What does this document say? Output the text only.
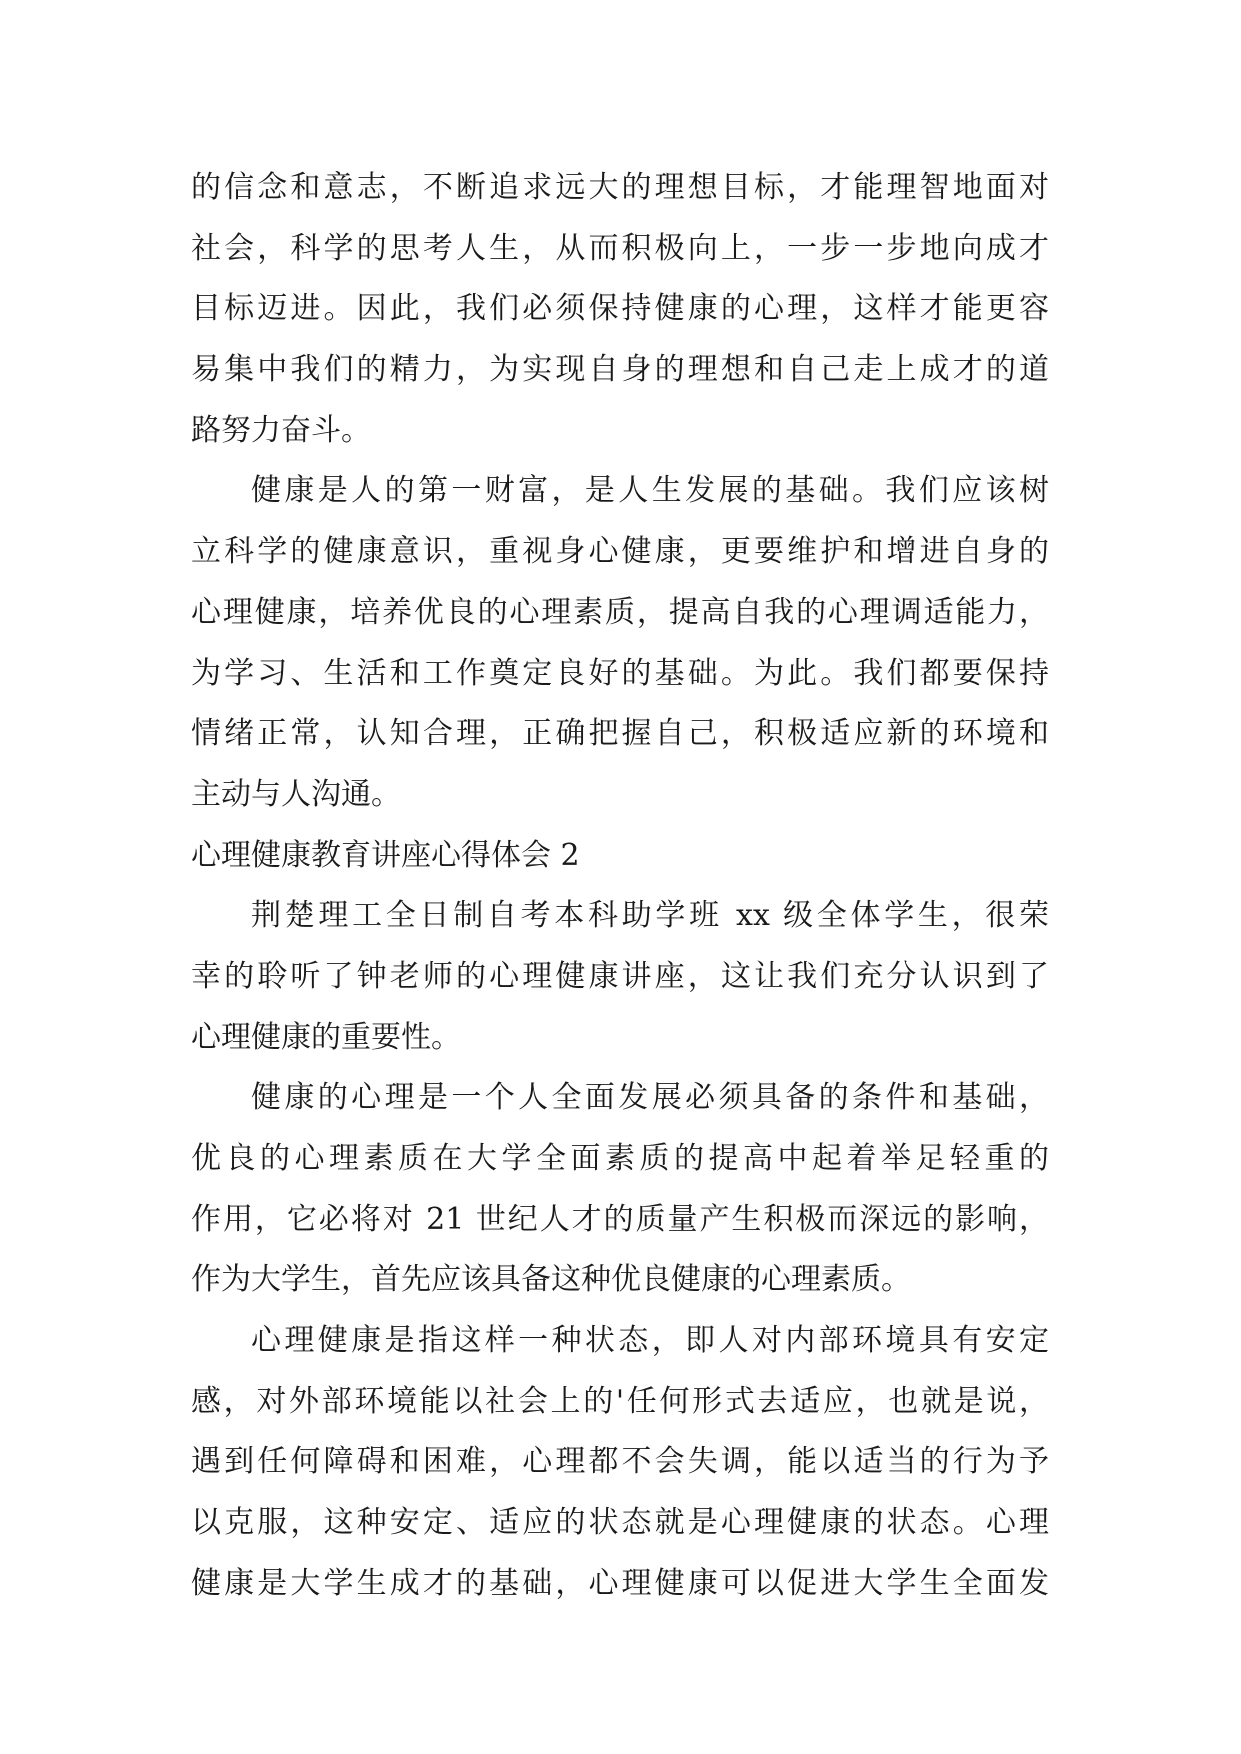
的信念和意志，不断追求远大的理想目标，才能理智地面对
社会，科学的思考人生，从而积极向上，一步一步地向成才
目标迈进。因此，我们必须保持健康的心理，这样才能更容
易集中我们的精力，为实现自身的理想和自己走上成才的道
路努力奋斗。
健康是人的第一财富，是人生发展的基础。我们应该树
立科学的健康意识，重视身心健康，更要维护和增进自身的
心理健康，培养优良的心理素质，提高自我的心理调适能力，
为学习、生活和工作奠定良好的基础。为此。我们都要保持
情绪正常，认知合理，正确把握自己，积极适应新的环境和
主动与人沟通。
心理健康教育讲座心得体会 2
荆楚理工全日制自考本科助学班 xx 级全体学生，很荣
幸的聆听了钟老师的心理健康讲座，这让我们充分认识到了
心理健康的重要性。
健康的心理是一个人全面发展必须具备的条件和基础，
优良的心理素质在大学全面素质的提高中起着举足轻重的
作用，它必将对 21 世纪人才的质量产生积极而深远的影响，
作为大学生，首先应该具备这种优良健康的心理素质。
心理健康是指这样一种状态，即人对内部环境具有安定
感，对外部环境能以社会上的'任何形式去适应，也就是说，
遇到任何障碍和困难，心理都不会失调，能以适当的行为予
以克服，这种安定、适应的状态就是心理健康的状态。心理
健康是大学生成才的基础，心理健康可以促进大学生全面发
